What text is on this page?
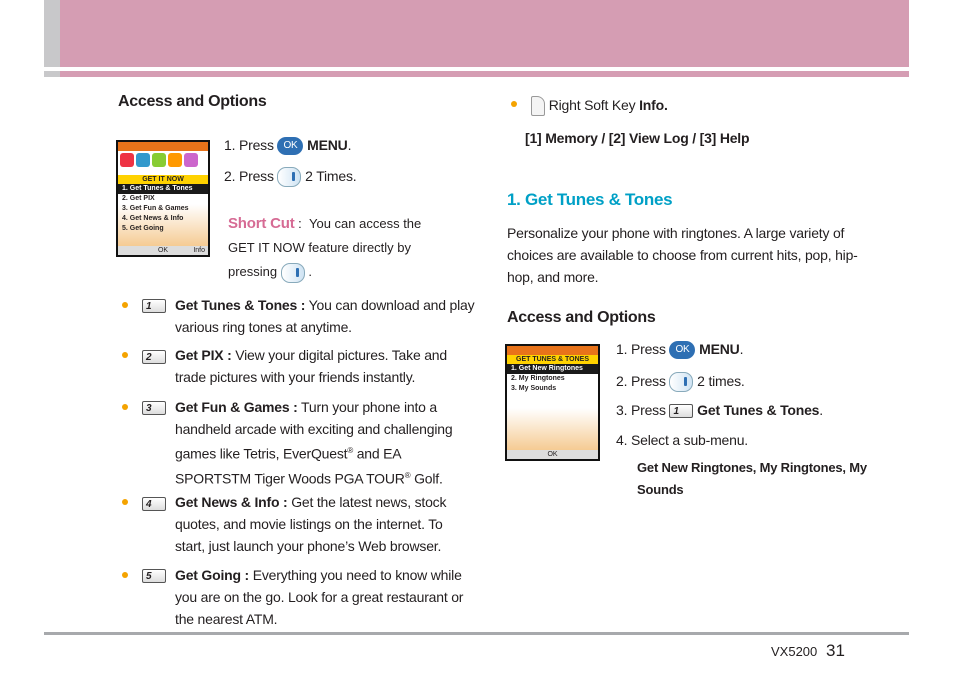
Access and Options
GET IT NOW
1. Get Tunes & Tones
2. Get PIX
3. Get Fun & Games
4. Get News & Info
5. Get Going
OK	Info
1. Press OK MENU.
2. Press 2 Times.
Short Cut : You can access the
GET IT NOW feature directly by
pressing .
1	Get Tunes & Tones : You can download and play
various ring tones at anytime.
2	Get PIX : View your digital pictures. Take and
trade pictures with your friends instantly.
3	Get Fun & Games : Turn your phone into a
handheld arcade with exciting and challenging
games like Tetris, EverQuest® and EA
SPORTSTM Tiger Woods PGA TOUR® Golf.
4	Get News & Info : Get the latest news, stock
quotes, and movie listings on the internet. To
start, just launch your phone’s Web browser.
5	Get Going : Everything you need to know while
you are on the go. Look for a great restaurant or
the nearest ATM.
Right Soft Key Info.
[1] Memory / [2] View Log / [3] Help
1. Get Tunes & Tones
Personalize your phone with ringtones. A large variety of
choices are available to choose from current hits, pop, hip-
hop, and more.
Access and Options
GET TUNES & TONES
1. Get New Ringtones
2. My Ringtones
3. My Sounds
OK
1. Press OK MENU.
2. Press 2 times.
3. Press 1 Get Tunes & Tones.
4. Select a sub-menu.
Get New Ringtones, My Ringtones, My
Sounds
VX5200 31
